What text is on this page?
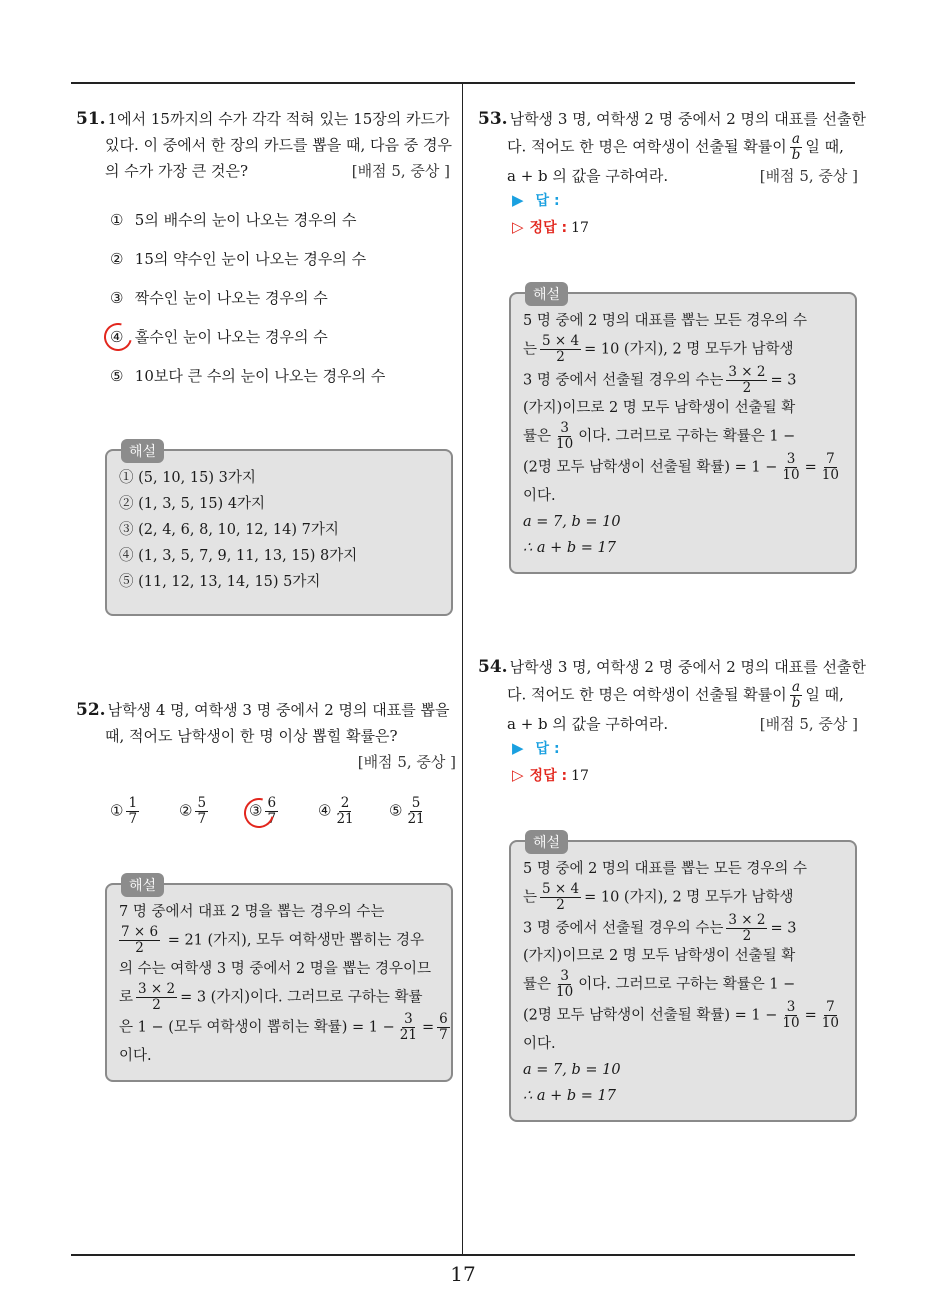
51. 1에서 15까지의 수가 각각 적혀 있는 15장의 카드가
있다. 이 중에서 한 장의 카드를 뽑을 때, 다음 중 경우
의 수가 가장 큰 것은?	[배점 5, 중상 ]
① 5의 배수의 눈이 나오는 경우의 수
② 15의 약수인 눈이 나오는 경우의 수
③ 짝수인 눈이 나오는 경우의 수
④ 홀수인 눈이 나오는 경우의 수
⑤ 10보다 큰 수의 눈이 나오는 경우의 수
해설
① (5, 10, 15) 3가지
② (1, 3, 5, 15) 4가지
③ (2, 4, 6, 8, 10, 12, 14) 7가지
④ (1, 3, 5, 7, 9, 11, 13, 15) 8가지
⑤ (11, 12, 13, 14, 15) 5가지
52. 남학생 4 명, 여학생 3 명 중에서 2 명의 대표를 뽑을
때, 적어도 남학생이 한 명 이상 뽑힐 확률은?
[배점 5, 중상 ]
① $\frac{1}{7}$	② $\frac{5}{7}$	③ $\frac{6}{7}$	④ $\frac{2}{21}$ ⑤ $\frac{5}{21}$
해설
7 명 중에서 대표 2 명을 뽑는 경우의 수는
$\frac{7 \times 6}{2} = 21$ (가지), 모두 여학생만 뽑히는 경우
의 수는 여학생 3 명 중에서 2 명을 뽑는 경우이므
로 $\frac{3 \times 2}{2} = 3$ (가지)이다. 그러므로 구하는 확률
은 1 − (모두 여학생이 뽑히는 확률) = $1 - \frac{3}{21} = \frac{6}{7}$
이다.
53. 남학생 3 명, 여학생 2 명 중에서 2 명의 대표를 선출한
다. 적어도 한 명은 여학생이 선출될 확률이 $\frac{a}{b}$ 일 때,
a + b 의 값을 구하여라.	[배점 5, 중상 ]
▶ 답 :
▷ 정답 : 17
해설
5 명 중에 2 명의 대표를 뽑는 모든 경우의 수
는 $\frac{5 \times 4}{2} = 10$ (가지), 2 명 모두가 남학생
3 명 중에서 선출될 경우의 수는 $\frac{3 \times 2}{2} = 3$
(가지)이므로 2 명 모두 남학생이 선출될 확
률은 $\frac{3}{10}$ 이다. 그러므로 구하는 확률은 1 −
(2명 모두 남학생이 선출될 확률) = $1 - \frac{3}{10} = \frac{7}{10}$
이다.
a = 7, b = 10
∴ a + b = 17
54. 남학생 3 명, 여학생 2 명 중에서 2 명의 대표를 선출한
다. 적어도 한 명은 여학생이 선출될 확률이 $\frac{a}{b}$ 일 때,
a + b 의 값을 구하여라.	[배점 5, 중상 ]
▶ 답 :
▷ 정답 : 17
해설
5 명 중에 2 명의 대표를 뽑는 모든 경우의 수
는 $\frac{5 \times 4}{2} = 10$ (가지), 2 명 모두가 남학생
3 명 중에서 선출될 경우의 수는 $\frac{3 \times 2}{2} = 3$
(가지)이므로 2 명 모두 남학생이 선출될 확
률은 $\frac{3}{10}$ 이다. 그러므로 구하는 확률은 1 −
(2명 모두 남학생이 선출될 확률) = $1 - \frac{3}{10} = \frac{7}{10}$
이다.
a = 7, b = 10
∴ a + b = 17
17
